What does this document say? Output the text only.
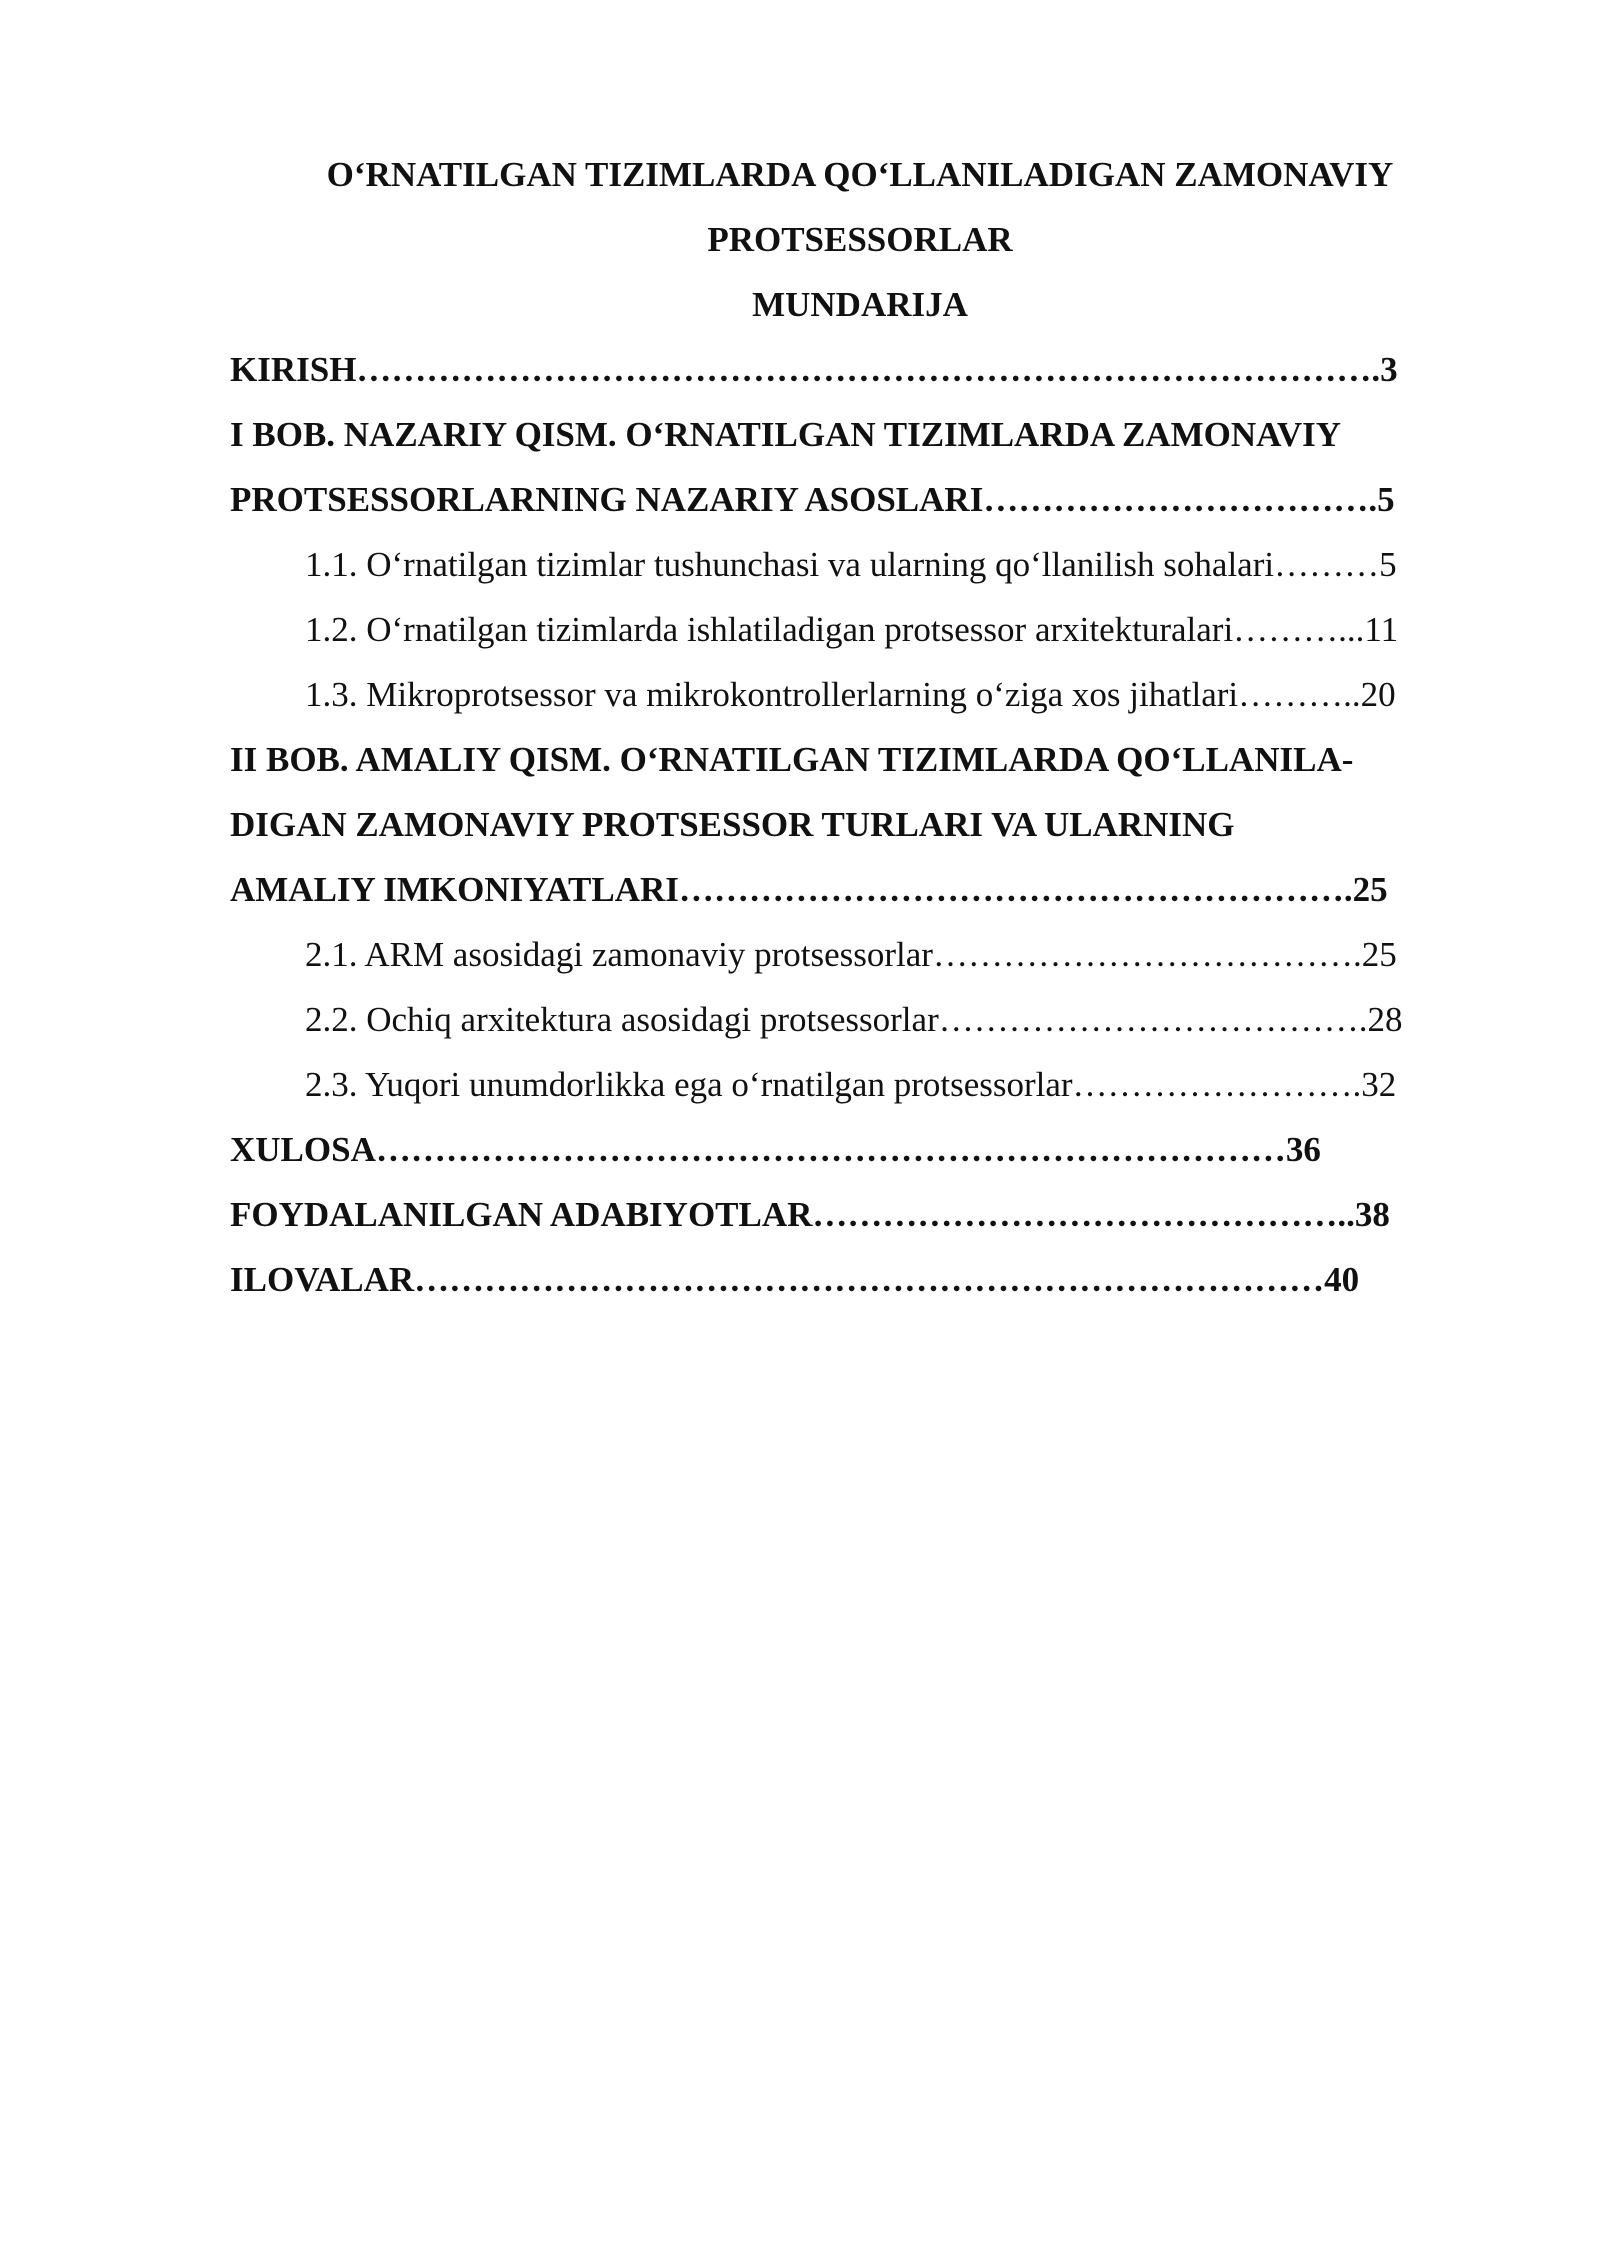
O‘RNATILGAN TIZIMLARDA QO‘LLANILADIGAN ZAMONAVIY
PROTSESSORLAR
MUNDARIJA
KIRISH…………………………………………………………………………….3
I BOB. NAZARIY QISM. O‘RNATILGAN TIZIMLARDA ZAMONAVIY
PROTSESSORLARNING NAZARIY ASOSLARI…………………………….5
1.1. O‘rnatilgan tizimlar tushunchasi va ularning qo‘llanilish sohalari………5
1.2. O‘rnatilgan tizimlarda ishlatiladigan protsessor arxitekturalari………...11
1.3. Mikroprotsessor va mikrokontrollerlarning o‘ziga xos jihatlari………..20
II BOB. AMALIY QISM. O‘RNATILGAN TIZIMLARDA QO‘LLANILA-
DIGAN ZAMONAVIY PROTSESSOR TURLARI VA ULARNING
AMALIY IMKONIYATLARI………………………………………………….25
2.1. ARM asosidagi zamonaviy protsessorlar……………………………….25
2.2. Ochiq arxitektura asosidagi protsessorlar……………………………….28
2.3. Yuqori unumdorlikka ega o‘rnatilgan protsessorlar…………………….32
XULOSA……………………………………………………………………36
FOYDALANILGAN ADABIYOTLAR………………………………………..38
ILOVALAR……………………………………………………………………40
